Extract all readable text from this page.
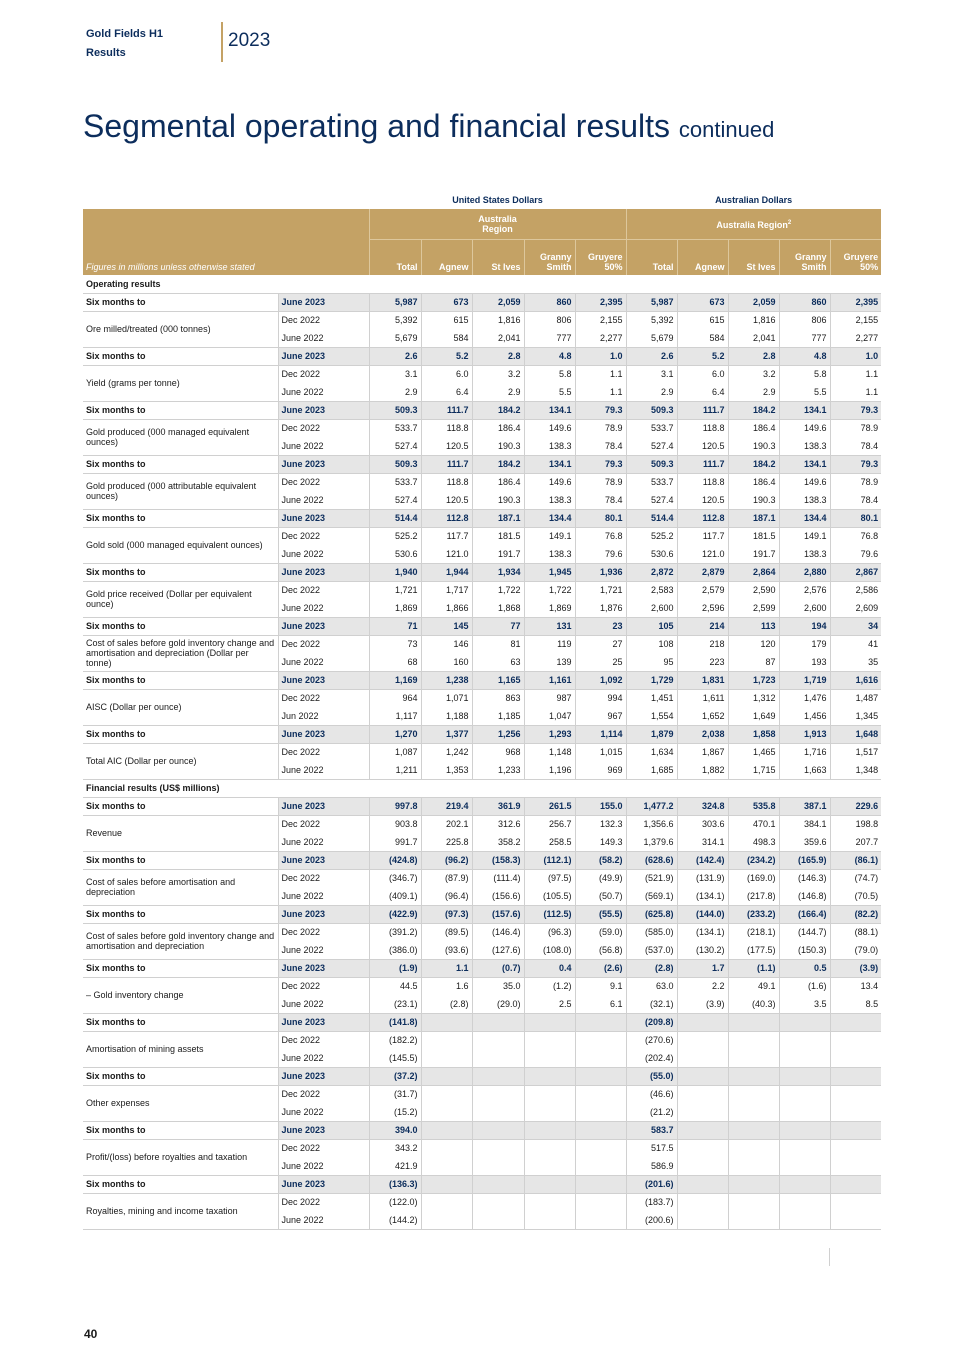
Gold Fields H1
Results
2023
Segmental operating and financial results continued
		United States Dollars					Australian Dollars				
		Australia Region					Australia Region$^2$
Figures in millions unless otherwise stated		Total	Agnew	St Ives	Granny Smith	Gruyere 50%	Total	Agnew	St Ives	Granny Smith	Gruyere 50%
Operating results											
Six months to	June 2023	5,987	673	2,059	860	2,395	5,987	673	2,059	860	2,395
Ore milled/treated (000 tonnes)	Dec 2022	5,392	615	1,816	806	2,155	5,392	615	1,816	806	2,155
	June 2022	5,679	584	2,041	777	2,277	5,679	584	2,041	777	2,277
Six months to	June 2023	2.6	5.2	2.8	4.8	1.0	2.6	5.2	2.8	4.8	1.0
Yield (grams per tonne)	Dec 2022	3.1	6.0	3.2	5.8	1.1	3.1	6.0	3.2	5.8	1.1
	June 2022	2.9	6.4	2.9	5.5	1.1	2.9	6.4	2.9	5.5	1.1
Six months to	June 2023	509.3	111.7	184.2	134.1	79.3	509.3	111.7	184.2	134.1	79.3
Gold produced (000 managed equivalent ounces)	Dec 2022	533.7	118.8	186.4	149.6	78.9	533.7	118.8	186.4	149.6	78.9
	June 2022	527.4	120.5	190.3	138.3	78.4	527.4	120.5	190.3	138.3	78.4
Six months to	June 2023	509.3	111.7	184.2	134.1	79.3	509.3	111.7	184.2	134.1	79.3
Gold produced (000 attributable equivalent ounces)	Dec 2022	533.7	118.8	186.4	149.6	78.9	533.7	118.8	186.4	149.6	78.9
	June 2022	527.4	120.5	190.3	138.3	78.4	527.4	120.5	190.3	138.3	78.4
Six months to	June 2023	514.4	112.8	187.1	134.4	80.1	514.4	112.8	187.1	134.4	80.1
Gold sold (000 managed equivalent ounces)	Dec 2022	525.2	117.7	181.5	149.1	76.8	525.2	117.7	181.5	149.1	76.8
	June 2022	530.6	121.0	191.7	138.3	79.6	530.6	121.0	191.7	138.3	79.6
Six months to	June 2023	1,940	1,944	1,934	1,945	1,936	2,872	2,879	2,864	2,880	2,867
Gold price received (Dollar per equivalent ounce)	Dec 2022	1,721	1,717	1,722	1,722	1,721	2,583	2,579	2,590	2,576	2,586
	June 2022	1,869	1,866	1,868	1,869	1,876	2,600	2,596	2,599	2,600	2,609
Six months to	June 2023	71	145	77	131	23	105	214	113	194	34
Cost of sales before gold inventory change and amortisation and depreciation (Dollar per tonne)	Dec 2022	73	146	81	119	27	108	218	120	179	41
	June 2022	68	160	63	139	25	95	223	87	193	35
Six months to	June 2023	1,169	1,238	1,165	1,161	1,092	1,729	1,831	1,723	1,719	1,616
AISC (Dollar per ounce)	Dec 2022	964	1,071	863	987	994	1,451	1,611	1,312	1,476	1,487
	Jun 2022	1,117	1,188	1,185	1,047	967	1,554	1,652	1,649	1,456	1,345
Six months to	June 2023	1,270	1,377	1,256	1,293	1,114	1,879	2,038	1,858	1,913	1,648
Total AIC (Dollar per ounce)	Dec 2022	1,087	1,242	968	1,148	1,015	1,634	1,867	1,465	1,716	1,517
	June 2022	1,211	1,353	1,233	1,196	969	1,685	1,882	1,715	1,663	1,348
Financial results (US$ millions)											
Six months to	June 2023	997.8	219.4	361.9	261.5	155.0	1,477.2	324.8	535.8	387.1	229.6
Revenue	Dec 2022	903.8	202.1	312.6	256.7	132.3	1,356.6	303.6	470.1	384.1	198.8
	June 2022	991.7	225.8	358.2	258.5	149.3	1,379.6	314.1	498.3	359.6	207.7
Six months to	June 2023	(424.8)	(96.2)	(158.3)	(112.1)	(58.2)	(628.6)	(142.4)	(234.2)	(165.9)	(86.1)
Cost of sales before amortisation and depreciation	Dec 2022	(346.7)	(87.9)	(111.4)	(97.5)	(49.9)	(521.9)	(131.9)	(169.0)	(146.3)	(74.7)
	June 2022	(409.1)	(96.4)	(156.6)	(105.5)	(50.7)	(569.1)	(134.1)	(217.8)	(146.8)	(70.5)
Six months to	June 2023	(422.9)	(97.3)	(157.6)	(112.5)	(55.5)	(625.8)	(144.0)	(233.2)	(166.4)	(82.2)
Cost of sales before gold inventory change and amortisation and depreciation	Dec 2022	(391.2)	(89.5)	(146.4)	(96.3)	(59.0)	(585.0)	(134.1)	(218.1)	(144.7)	(88.1)
	June 2022	(386.0)	(93.6)	(127.6)	(108.0)	(56.8)	(537.0)	(130.2)	(177.5)	(150.3)	(79.0)
Six months to	June 2023	(1.9)	1.1	(0.7)	0.4	(2.6)	(2.8)	1.7	(1.1)	0.5	(3.9)
– Gold inventory change	Dec 2022	44.5	1.6	35.0	(1.2)	9.1	63.0	2.2	49.1	(1.6)	13.4
	June 2022	(23.1)	(2.8)	(29.0)	2.5	6.1	(32.1)	(3.9)	(40.3)	3.5	8.5
Six months to	June 2023	(141.8)					(209.8)				
Amortisation of mining assets	Dec 2022	(182.2)					(270.6)				
	June 2022	(145.5)					(202.4)				
Six months to	June 2023	(37.2)					(55.0)				
Other expenses	Dec 2022	(31.7)					(46.6)				
	June 2022	(15.2)					(21.2)				
Six months to	June 2023	394.0					583.7				
Profit/(loss) before royalties and taxation	Dec 2022	343.2					517.5				
	June 2022	421.9					586.9				
Six months to	June 2023	(136.3)					(201.6)				
Royalties, mining and income taxation	Dec 2022	(122.0)					(183.7)				
	June 2022	(144.2)					(200.6)				
40
